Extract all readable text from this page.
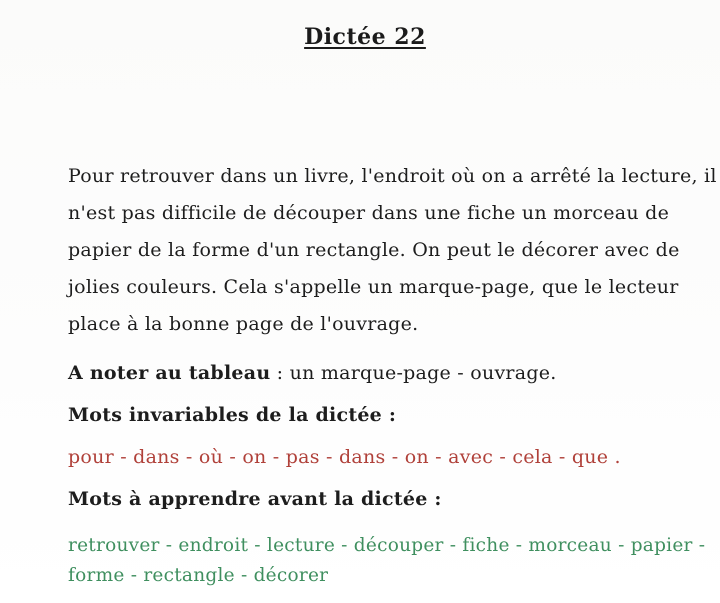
Dictée 22
Pour retrouver dans un livre, l'endroit où on a arrêté la lecture, il
n'est pas difficile de découper dans une fiche un morceau de
papier de la forme d'un rectangle. On peut le décorer avec de
jolies couleurs. Cela s'appelle un marque-page, que le lecteur
place à la bonne page de l'ouvrage.
A noter au tableau : un marque-page - ouvrage.
Mots invariables de la dictée :
pour - dans - où - on - pas - dans - on - avec - cela - que .
Mots à apprendre avant la dictée :
retrouver - endroit - lecture - découper - fiche - morceau - papier -
forme - rectangle - décorer
